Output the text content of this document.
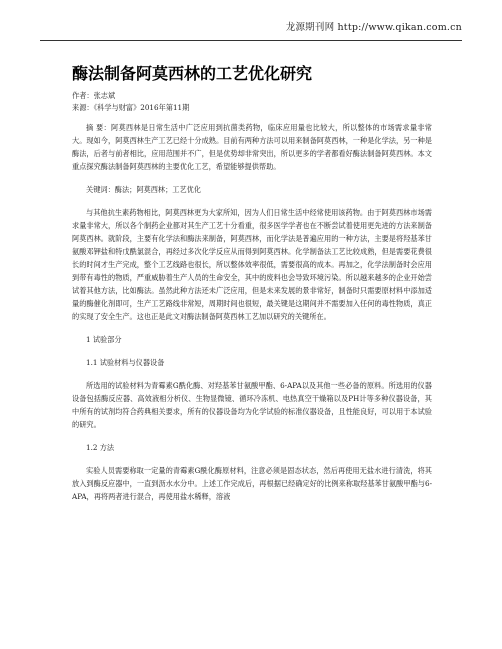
龙源期刊网 http://www.qikan.com.cn
酶法制备阿莫西林的工艺优化研究
作者：张志斌
来源：《科学与财富》2016年第11期

摘 要：阿莫西林是日常生活中广泛应用到抗菌类药物，临床应用量也比较大，所以整体的市场需求量非常大。现如今，阿莫西林生产工艺已经十分成熟。目前有两种方法可以用来制备阿莫西林，一种是化学法，另一种是酶法，后者与前者相比，应用范围并不广，但是优势却非常突出，所以更多的学者都看好酶法制备阿莫西林。本文重点探究酶法制备阿莫西林的主要优化工艺，希望能够提供帮助。

关键词：酶法；阿莫西林；工艺优化

与其他抗生素药物相比，阿莫西林更为大家所知，因为人们日常生活中经常使用该药物。由于阿莫西林市场需求量非常大，所以各个制药企业都对其生产工艺十分看重，很多医学学者也在不断尝试着使用更先进的方法来制备阿莫西林。就阶段，主要有化学法和酶法来制备，阿莫西林，而化学法是普遍应用的一种方法，主要是将羟基苯甘氨酸邓钾盐和特戊酰氯混合，再经过多次化学反应从而得到阿莫西林。化学制备法工艺比较成熟，但是需要花费很长的时间才生产完成，整个工艺线路也很长，所以整体效率很低，需要很高的成本。再加之，化学法制备时会应用到带有毒性的物质，严重威胁着生产人员的生命安全，其中的废料也会导致环境污染。所以越来越多的企业开始尝试着其他方法，比如酶法。虽然此种方法还未广泛应用，但是未来发展的景非常好，制备时只需要原材料中添加适量的酶催化剂即可，生产工艺路线非常短，周期时间也很短，最关键是这期间并不需要加入任何的毒性物质，真正的实现了安全生产。这也正是此文对酶法制备阿莫西林工艺加以研究的关键所在。

1 试验部分

1.1 试验材料与仪器设备

所选用的试验材料为青霉素G酰化酶、对羟基苯甘氨酸甲酯、6-APA以及其他一些必备的原料。所选用的仪器设备包括酶反应器、高效液相分析仪、生物显微镜、循环冷冻机、电热真空干燥箱以及PH计等多种仪器设备，其中所有的试剂均符合药典相关要求，所有的仪器设备均为化学试验的标准仪器设备，且性能良好，可以用于本试验的研究。

1.2 方法

实验人员需要称取一定量的青霉素G酰化酶原材料，注意必须是固态状态，然后再使用无盐水进行清洗，将其放入到酶反应器中，一直到沥水水分中。上述工作完成后，再根据已经确定好的比例来称取羟基苯甘氨酸甲酯与6-APA，再将两者进行混合，再使用盐水稀释，溶液
